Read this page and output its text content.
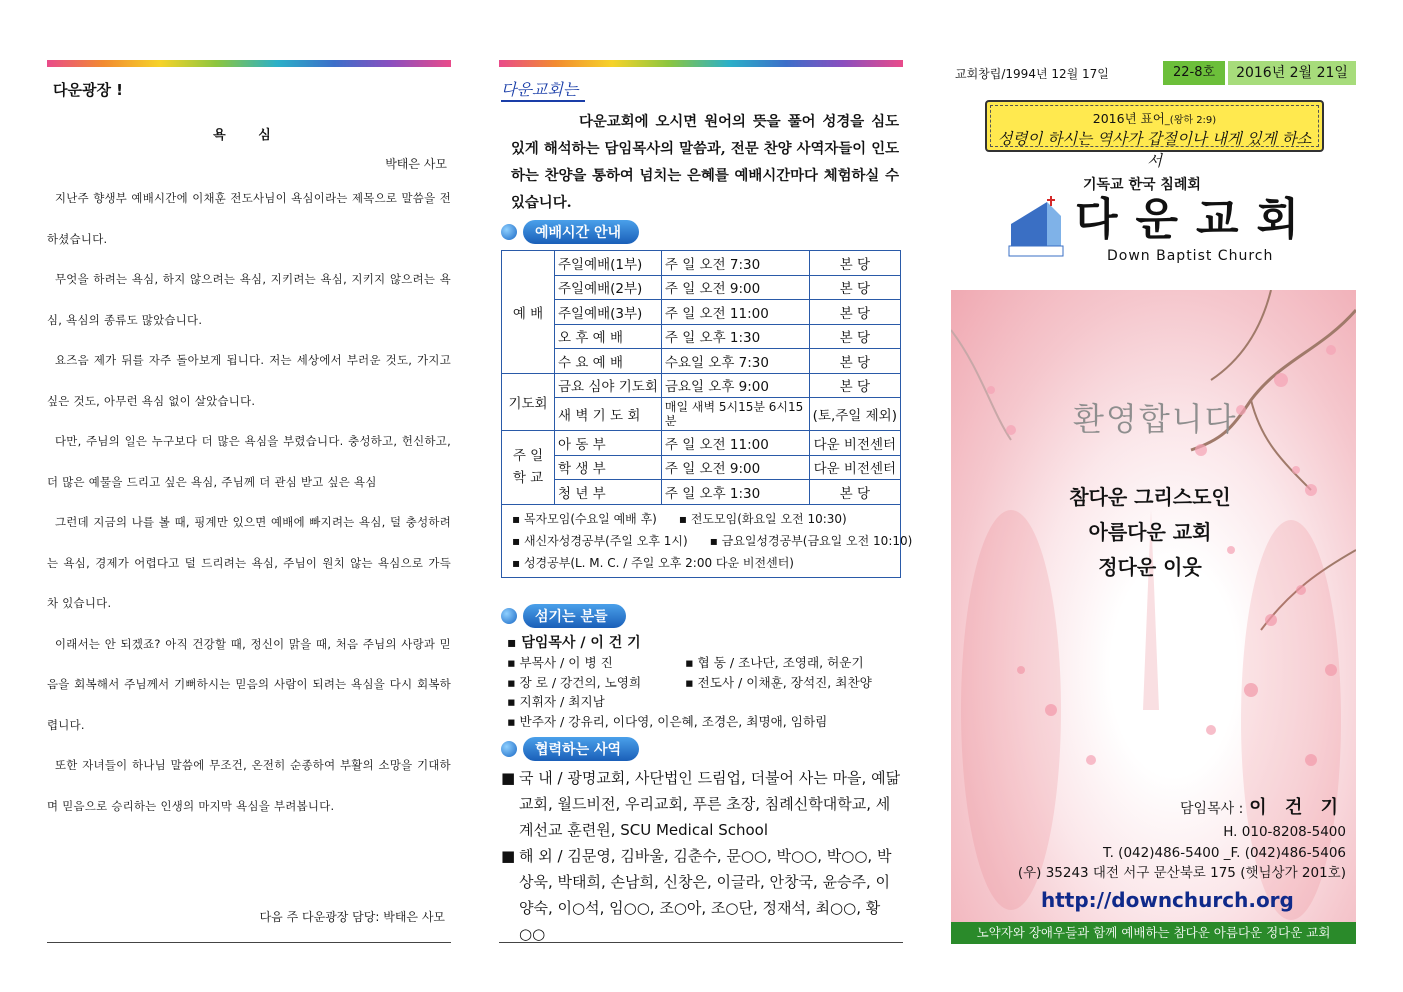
다운광장 !
욕 심
박태은 사모

지난주 향생부 예배시간에 이채훈 전도사님이 욕심이라는 제목으로 말씀을 전하셨습니다.

무엇을 하려는 욕심, 하지 않으려는 욕심, 지키려는 욕심, 지키지 않으려는 욕심, 욕심의 종류도 많았습니다.

요즈음 제가 뒤를 자주 돌아보게 됩니다. 저는 세상에서 부러운 것도, 가지고 싶은 것도, 아무런 욕심 없이 살았습니다.

다만, 주님의 일은 누구보다 더 많은 욕심을 부렸습니다. 충성하고, 헌신하고, 더 많은 예물을 드리고 싶은 욕심, 주님께 더 관심 받고 싶은 욕심

그런데 지금의 나를 볼 때, 핑계만 있으면 예배에 빠지려는 욕심, 덜 충성하려는 욕심, 경제가 어렵다고 덜 드리려는 욕심, 주님이 원치 않는 욕심으로 가득 차 있습니다.

이래서는 안 되겠죠? 아직 건강할 때, 정신이 맑을 때, 처음 주님의 사랑과 믿음을 회복해서 주님께서 기뻐하시는 믿음의 사람이 되려는 욕심을 다시 회복하렵니다.

또한 자녀들이 하나님 말씀에 무조건, 온전히 순종하여 부활의 소망을 기대하며 믿음으로 승리하는 인생의 마지막 욕심을 부려봅니다.

다음 주 다운광장 담당: 박태은 사모
다운교회는
다운교회에 오시면 원어의 뜻을 풀어 성경을 심도 있게 해석하는 담임목사의 말씀과, 전문 찬양 사역자들이 인도하는 찬양을 통하여 넘치는 은혜를 예배시간마다 체험하실 수 있습니다.
예배시간 안내
예 배	주일예배(1부)	주 일 오전 7:30	본 당
	주일예배(2부)	주 일 오전 9:00	본 당
	주일예배(3부)	주 일 오전 11:00	본 당
	오 후 예 배	주 일 오후 1:30	본 당
	수 요 예 배	수요일 오후 7:30	본 당
기도회	금요 심야 기도회	금요일 오후 9:00	본 당
	새 벽 기 도 회	매일 새벽 5시15분 6시15분	(토,주일 제외)
주 일 학 교	아 동 부	주 일 오전 11:00	다운 비전센터
	학 생 부	주 일 오전 9:00	다운 비전센터
	청 년 부	주 일 오후 1:30	본 당
▪ 목자모임(수요일 예배 후) ▪ 전도모임(화요일 오전 10:30)
▪ 새신자성경공부(주일 오후 1시) ▪ 금요일성경공부(금요일 오전 10:10)
▪ 성경공부(L. M. C. / 주일 오후 2:00 다운 비전센터)
섬기는 분들
▪ 담임목사 / 이 건 기
▪ 부목사 / 이 병 진	▪ 협 동 / 조나단, 조영래, 허운기
▪ 장 로 / 강건의, 노영희	▪ 전도사 / 이채훈, 장석진, 최찬양
▪ 지휘자 / 최지남
▪ 반주자 / 강유리, 이다영, 이은혜, 조경은, 최명애, 임하림
협력하는 사역
■ 국 내 / 광명교회, 사단법인 드림업, 더불어 사는 마을, 예닮교회, 월드비전, 우리교회, 푸른 초장, 침례신학대학교, 세계선교 훈련원, SCU Medical School
■ 해 외 / 김문영, 김바울, 김춘수, 문○○, 박○○, 박○○, 박상욱, 박태희, 손남희, 신창은, 이글라, 안창국, 윤승주, 이양숙, 이○석, 임○○, 조○아, 조○단, 정재석, 최○○, 황○○
교회창립/1994년 12월 17일	22-8호	2016년 2월 21일
2016년 표어_(왕하 2:9)
성령이 하시는 역사가 갑절이나 내게 있게 하소서
기독교 한국 침례회
다운교회
Down Baptist Church
환영합니다
참다운 그리스도인
아름다운 교회
정다운 이웃
담임목사 : 이 건 기
H. 010-8208-5400
T. (042)486-5400 _F. (042)486-5406
(우) 35243 대전 서구 문산북로 175 (햇님상가 201호)
http://downchurch.org
노약자와 장애우들과 함께 예배하는 참다운 아름다운 정다운 교회
